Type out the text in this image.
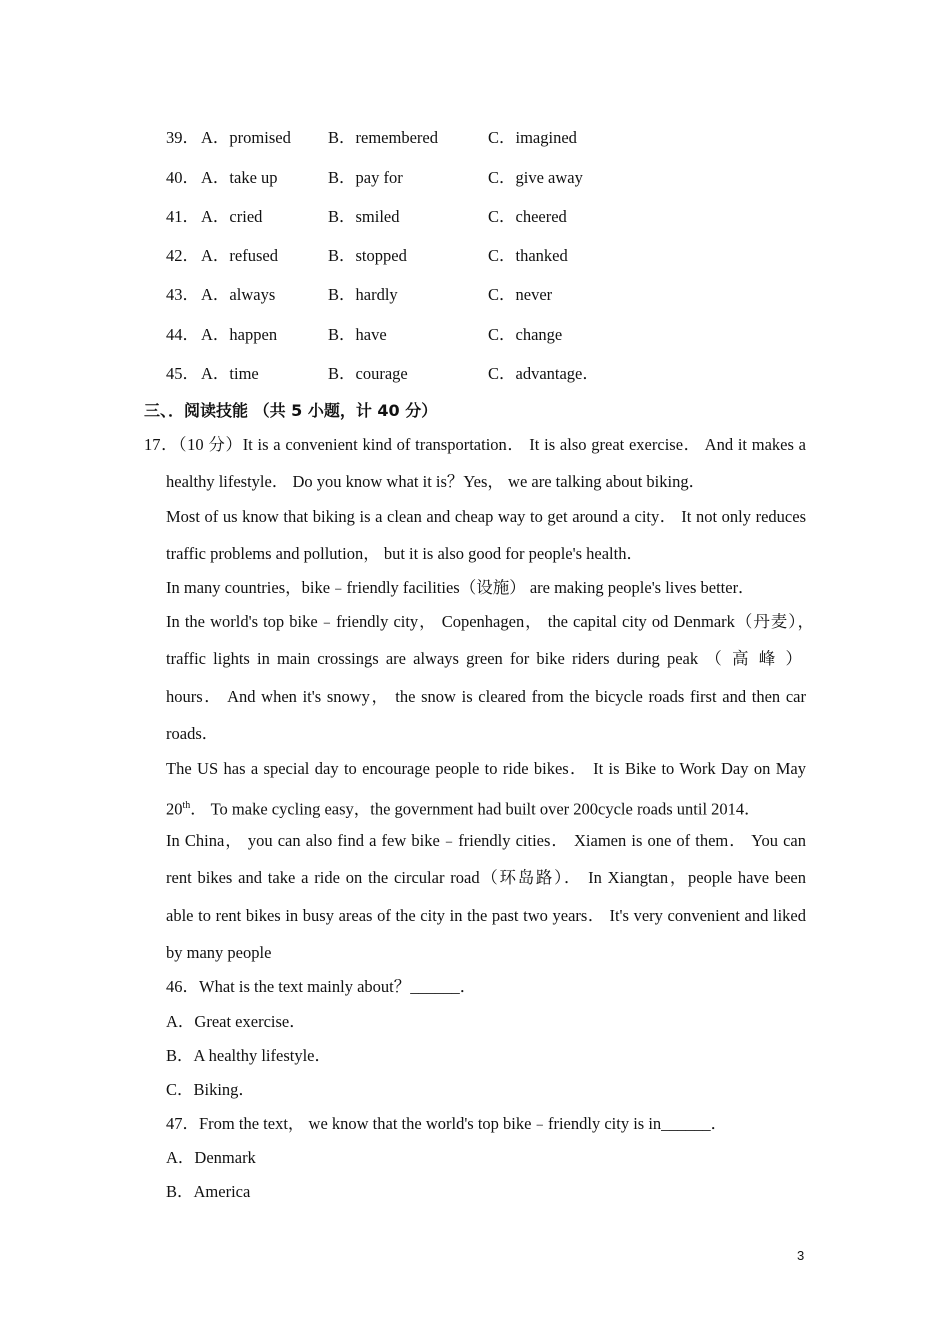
39． A．promised B．remembered	C．imagined
40． A．take up	B．pay for	C．give away
41． A．cried	B．smiled	C．cheered
42． A．refused	B．stopped	C．thanked
43． A．always	B．hardly	C．never
44． A．happen	B．have	C．change
45． A．time	B．courage	C．advantage．
三、．阅读技能 （共 5 小题，计 40 分）
17．（10 分）It is a convenient kind of transportation． It is also great exercise． And it makes a
healthy lifestyle． Do you know what it is？Yes， we are talking about biking．
Most of us know that biking is a clean and cheap way to get around a city． It not only reduces
traffic problems and pollution， but it is also good for people's health．
In many countries，bike﹣friendly facilities（设施） are making people's lives better．
In the world's top bike﹣friendly city， Copenhagen， the capital city od Denmark（丹麦），
traffic lights in main crossings are always green for bike riders during peak （ 高 峰 ）
hours． And when it's snowy， the snow is cleared from the bicycle roads first and then car
roads．
The US has a special day to encourage people to ride bikes． It is Bike to Work Day on May
20th． To make cycling easy，the government had built over 200cycle roads until 2014．
In China， you can also find a few bike﹣friendly cities． Xiamen is one of them． You can
rent bikes and take a ride on the circular road（环岛路）． In Xiangtan，people have been
able to rent bikes in busy areas of the city in the past two years． It's very convenient and liked
by many people
46．What is the text mainly about？______．
A．Great exercise．
B．A healthy lifestyle．
C．Biking．
47．From the text， we know that the world's top bike﹣friendly city is in______．
A．Denmark
B．America
3
